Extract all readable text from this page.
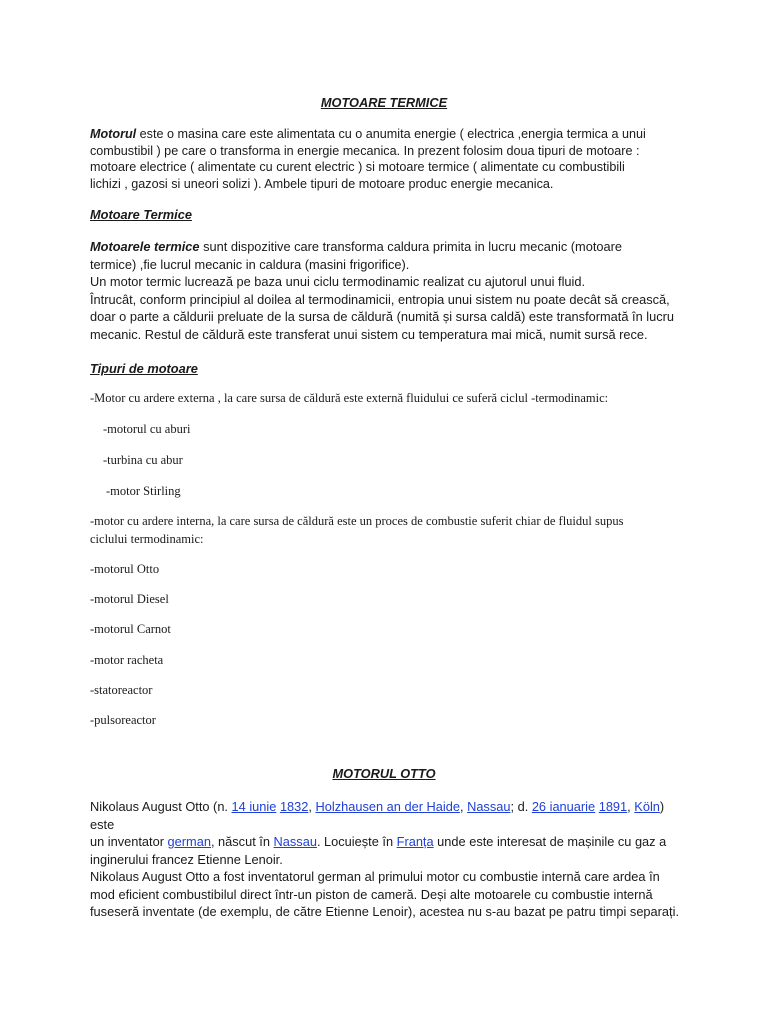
MOTOARE TERMICE

Motorul este o masina care este alimentata cu o anumita energie ( electrica ,energia termica a unui

combustibil ) pe care o transforma in energie mecanica. In prezent folosim doua tipuri de motoare :

motoare electrice ( alimentate cu curent electric ) si motoare termice ( alimentate cu combustibili

lichizi , gazosi si uneori solizi ). Ambele tipuri de motoare produc energie mecanica.

Motoare Termice

Motoarele termice sunt dispozitive care transforma caldura primita in lucru mecanic (motoare

termice) ,fie lucrul mecanic in caldura (masini frigorifice).

Un motor termic lucrează pe baza unui ciclu termodinamic realizat cu ajutorul unui fluid.

Întrucât, conform principiul al doilea al termodinamicii, entropia unui sistem nu poate decât să crească,

doar o parte a căldurii preluate de la sursa de căldură (numită și sursa caldă) este transformată în lucru

mecanic. Restul de căldură este transferat unui sistem cu temperatura mai mică, numit sursă rece.

Tipuri de motoare

-Motor cu ardere externa , la care sursa de căldură este externă fluidului ce suferă ciclul -termodinamic:

-motorul cu aburi

-turbina cu abur

-motor Stirling

-motor cu ardere interna, la care sursa de căldură este un proces de combustie suferit chiar de fluidul supus

ciclului termodinamic:

-motorul Otto

-motorul Diesel

-motorul Carnot

-motor racheta

-statoreactor

-pulsoreactor

MOTORUL OTTO

Nikolaus August Otto (n. 14 iunie 1832, Holzhausen an der Haide, Nassau; d. 26 ianuarie 1891, Köln) este

un inventator german, născut în Nassau. Locuiește în Franța unde este interesat de mașinile cu gaz a

inginerului francez Etienne Lenoir.

Nikolaus August Otto a fost inventatorul german al primului motor cu combustie internă care ardea în

mod eficient combustibilul direct într-un piston de cameră. Deși alte motoarele cu combustie internă

fuseseră inventate (de exemplu, de către Etienne Lenoir), acestea nu s-au bazat pe patru timpi separați.
